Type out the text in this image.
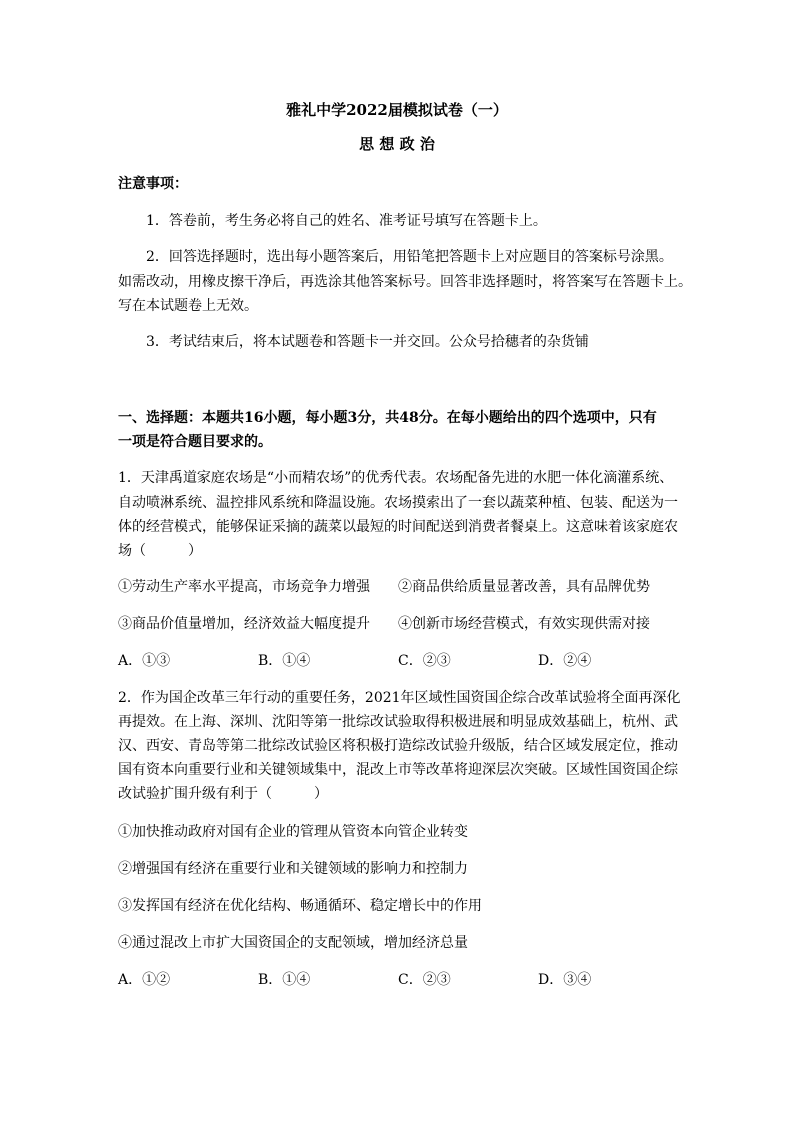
雅礼中学2022届模拟试卷（一）
思 想 政 治
注意事项：
1．答卷前，考生务必将自己的姓名、准考证号填写在答题卡上。
2．回答选择题时，选出每小题答案后，用铅笔把答题卡上对应题目的答案标号涂黑。
如需改动，用橡皮擦干净后，再选涂其他答案标号。回答非选择题时，将答案写在答题卡上。
写在本试题卷上无效。
3．考试结束后，将本试题卷和答题卡一并交回。公众号拾穗者的杂货铺
一、选择题：本题共16小题，每小题3分，共48分。在每小题给出的四个选项中，只有
一项是符合题目要求的。
1．天津禹道家庭农场是“小而精农场”的优秀代表。农场配备先进的水肥一体化滴灌系统、
自动喷淋系统、温控排风系统和降温设施。农场摸索出了一套以蔬菜种植、包装、配送为一
体的经营模式，能够保证采摘的蔬菜以最短的时间配送到消费者餐桌上。这意味着该家庭农
场（　　　）
①劳动生产率水平提高，市场竞争力增强 ②商品供给质量显著改善，具有品牌优势
③商品价值量增加，经济效益大幅度提升 ④创新市场经营模式，有效实现供需对接
A．①③	B．①④	C．②③	D．②④
2．作为国企改革三年行动的重要任务，2021年区域性国资国企综合改革试验将全面再深化
再提效。在上海、深圳、沈阳等第一批综改试验取得积极进展和明显成效基础上，杭州、武
汉、西安、青岛等第二批综改试验区将积极打造综改试验升级版，结合区域发展定位，推动
国有资本向重要行业和关键领域集中，混改上市等改革将迎深层次突破。区域性国资国企综
改试验扩围升级有利于（　　　）
①加快推动政府对国有企业的管理从管资本向管企业转变
②增强国有经济在重要行业和关键领域的影响力和控制力
③发挥国有经济在优化结构、畅通循环、稳定增长中的作用
④通过混改上市扩大国资国企的支配领域，增加经济总量
A．①②	B．①④	C．②③	D．③④
